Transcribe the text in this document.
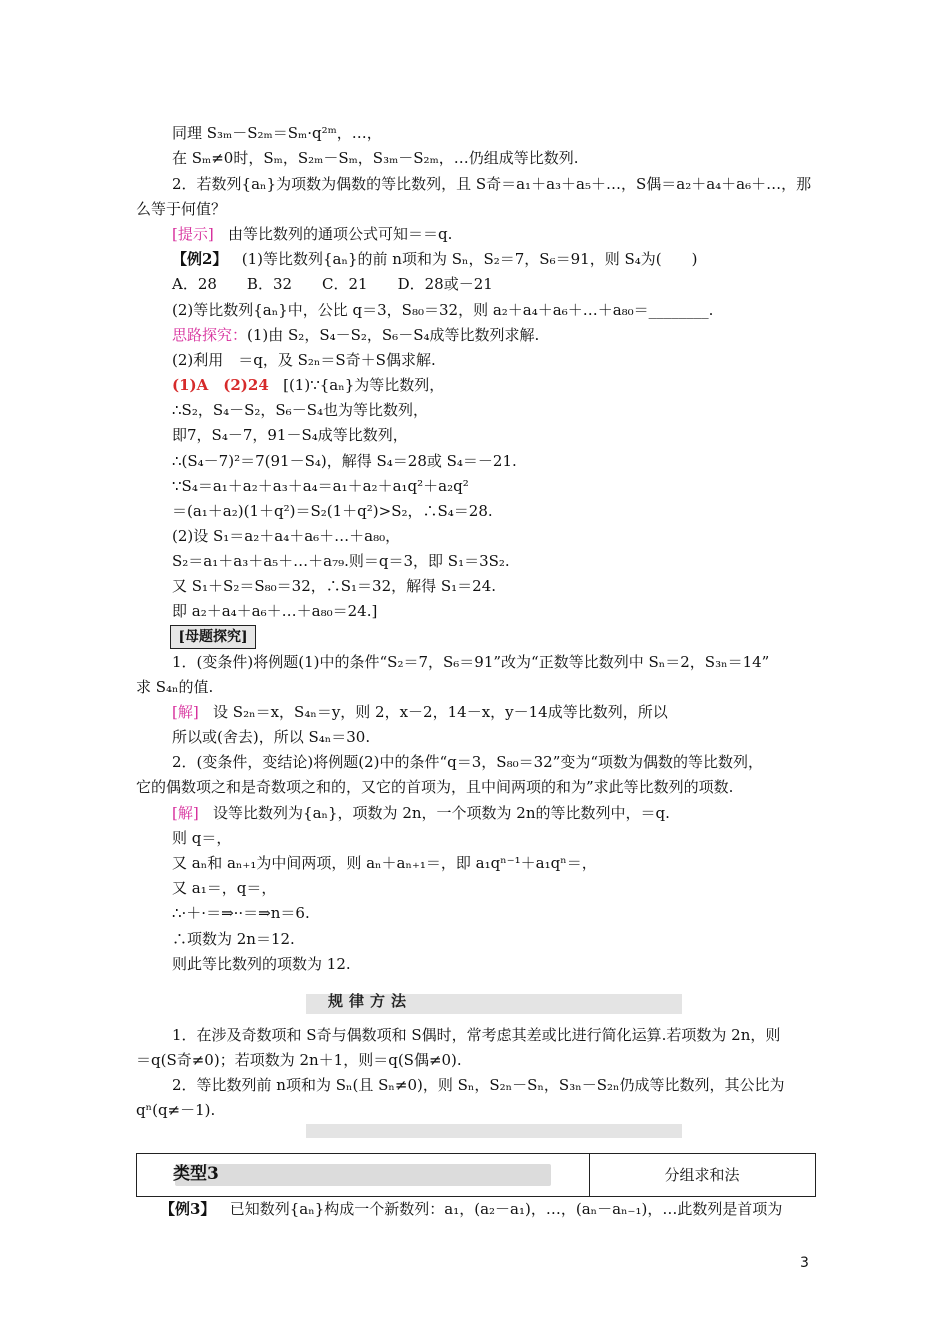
同理 S₃ₘ－S₂ₘ＝Sₘ·q²ᵐ，…，
在 Sₘ≠0时，Sₘ，S₂ₘ－Sₘ，S₃ₘ－S₂ₘ，…仍组成等比数列.
2．若数列{aₙ}为项数为偶数的等比数列，且 S奇＝a₁＋a₃＋a₅＋…，S偶＝a₂＋a₄＋a₆＋…，那
么等于何值？
[提示] 由等比数列的通项公式可知＝＝q.
【例2】 (1)等比数列{aₙ}的前 n项和为 Sₙ，S₂＝7，S₆＝91，则 S₄为(　　)
A．28　　B．32　　C．21　　D．28或－21
(2)等比数列{aₙ}中，公比 q＝3，S₈₀＝32，则 a₂＋a₄＋a₆＋…＋a₈₀＝________.
思路探究：(1)由 S₂，S₄－S₂，S₆－S₄成等比数列求解.
(2)利用　＝q，及 S₂ₙ＝S奇＋S偶求解.
(1)A　(2)24 [(1)∵{aₙ}为等比数列，
∴S₂，S₄－S₂，S₆－S₄也为等比数列，
即7，S₄－7，91－S₄成等比数列，
∴(S₄－7)²＝7(91－S₄)，解得 S₄＝28或 S₄＝－21.
∵S₄＝a₁＋a₂＋a₃＋a₄＝a₁＋a₂＋a₁q²＋a₂q²
＝(a₁＋a₂)(1＋q²)＝S₂(1＋q²)>S₂，∴S₄＝28.
(2)设 S₁＝a₂＋a₄＋a₆＋…＋a₈₀，
S₂＝a₁＋a₃＋a₅＋…＋a₇₉.则＝q＝3，即 S₁＝3S₂.
又 S₁＋S₂＝S₈₀＝32，∴S₁＝32，解得 S₁＝24.
即 a₂＋a₄＋a₆＋…＋a₈₀＝24.]
[母题探究]
1．(变条件)将例题(1)中的条件“S₂＝7，S₆＝91”改为“正数等比数列中 Sₙ＝2，S₃ₙ＝14”
求 S₄ₙ的值.
[解] 设 S₂ₙ＝x，S₄ₙ＝y，则 2，x－2，14－x，y－14成等比数列，所以
所以或(舍去)，所以 S₄ₙ＝30.
2．(变条件，变结论)将例题(2)中的条件“q＝3，S₈₀＝32”变为“项数为偶数的等比数列，
它的偶数项之和是奇数项之和的，又它的首项为，且中间两项的和为”求此等比数列的项数.
[解] 设等比数列为{aₙ}，项数为 2n，一个项数为 2n的等比数列中，＝q.
则 q＝，
又 aₙ和 aₙ₊₁为中间两项，则 aₙ＋aₙ₊₁＝，即 a₁qⁿ⁻¹＋a₁qⁿ＝，
又 a₁＝，q＝，
∴·＋·＝⇒··＝⇒n＝6.
∴项数为 2n＝12.
则此等比数列的项数为 12.
规律方法
1．在涉及奇数项和 S奇与偶数项和 S偶时，常考虑其差或比进行简化运算.若项数为 2n，则
＝q(S奇≠0)；若项数为 2n＋1，则＝q(S偶≠0).
2．等比数列前 n项和为 Sₙ(且 Sₙ≠0)，则 Sₙ，S₂ₙ－Sₙ，S₃ₙ－S₂ₙ仍成等比数列，其公比为
qⁿ(q≠－1).
类型3	分组求和法
【例3】 已知数列{aₙ}构成一个新数列：a₁，(a₂－a₁)，…，(aₙ－aₙ₋₁)，…此数列是首项为
3
